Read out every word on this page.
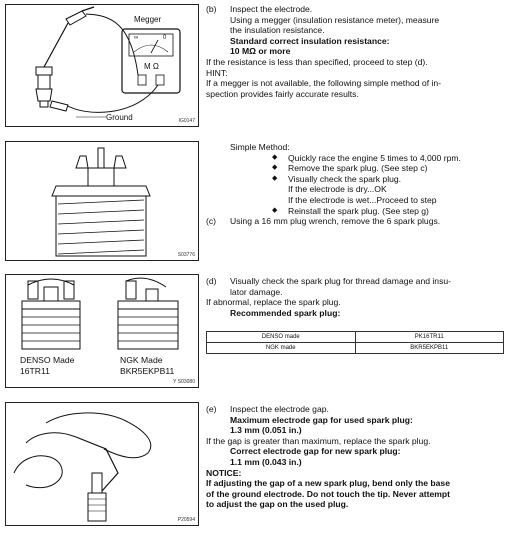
Megger
∞	0
M Ω
Ground	IG0147
S03776
DENSO Made
16TR11
NGK Made
BKR5EKPB11
Y S03080
P20594
(b) Inspect the electrode.
Using a megger (insulation resistance meter), measure
the insulation resistance.
Standard correct insulation resistance:
10 MΩ or more
If the resistance is less than specified, proceed to step (d).
HINT:
If a megger is not available, the following simple method of in-
spection provides fairly accurate results.
Simple Method:
◆ Quickly race the engine 5 times to 4,000 rpm.
◆ Remove the spark plug. (See step c)
◆ Visually check the spark plug.
If the electrode is dry...OK
If the electrode is wet...Proceed to step
◆ Reinstall the spark plug. (See step g)
(c) Using a 16 mm plug wrench, remove the 6 spark plugs.
(d) Visually check the spark plug for thread damage and insu-
lator damage.
If abnormal, replace the spark plug.
Recommended spark plug:
DENSO made	PK16TR11
NGK made	BKR5EKPB11
(e) Inspect the electrode gap.
Maximum electrode gap for used spark plug:
1.3 mm (0.051 in.)
If the gap is greater than maximum, replace the spark plug.
Correct electrode gap for new spark plug:
1.1 mm (0.043 in.)
NOTICE:
If adjusting the gap of a new spark plug, bend only the base
of the ground electrode. Do not touch the tip. Never attempt
to adjust the gap on the used plug.
